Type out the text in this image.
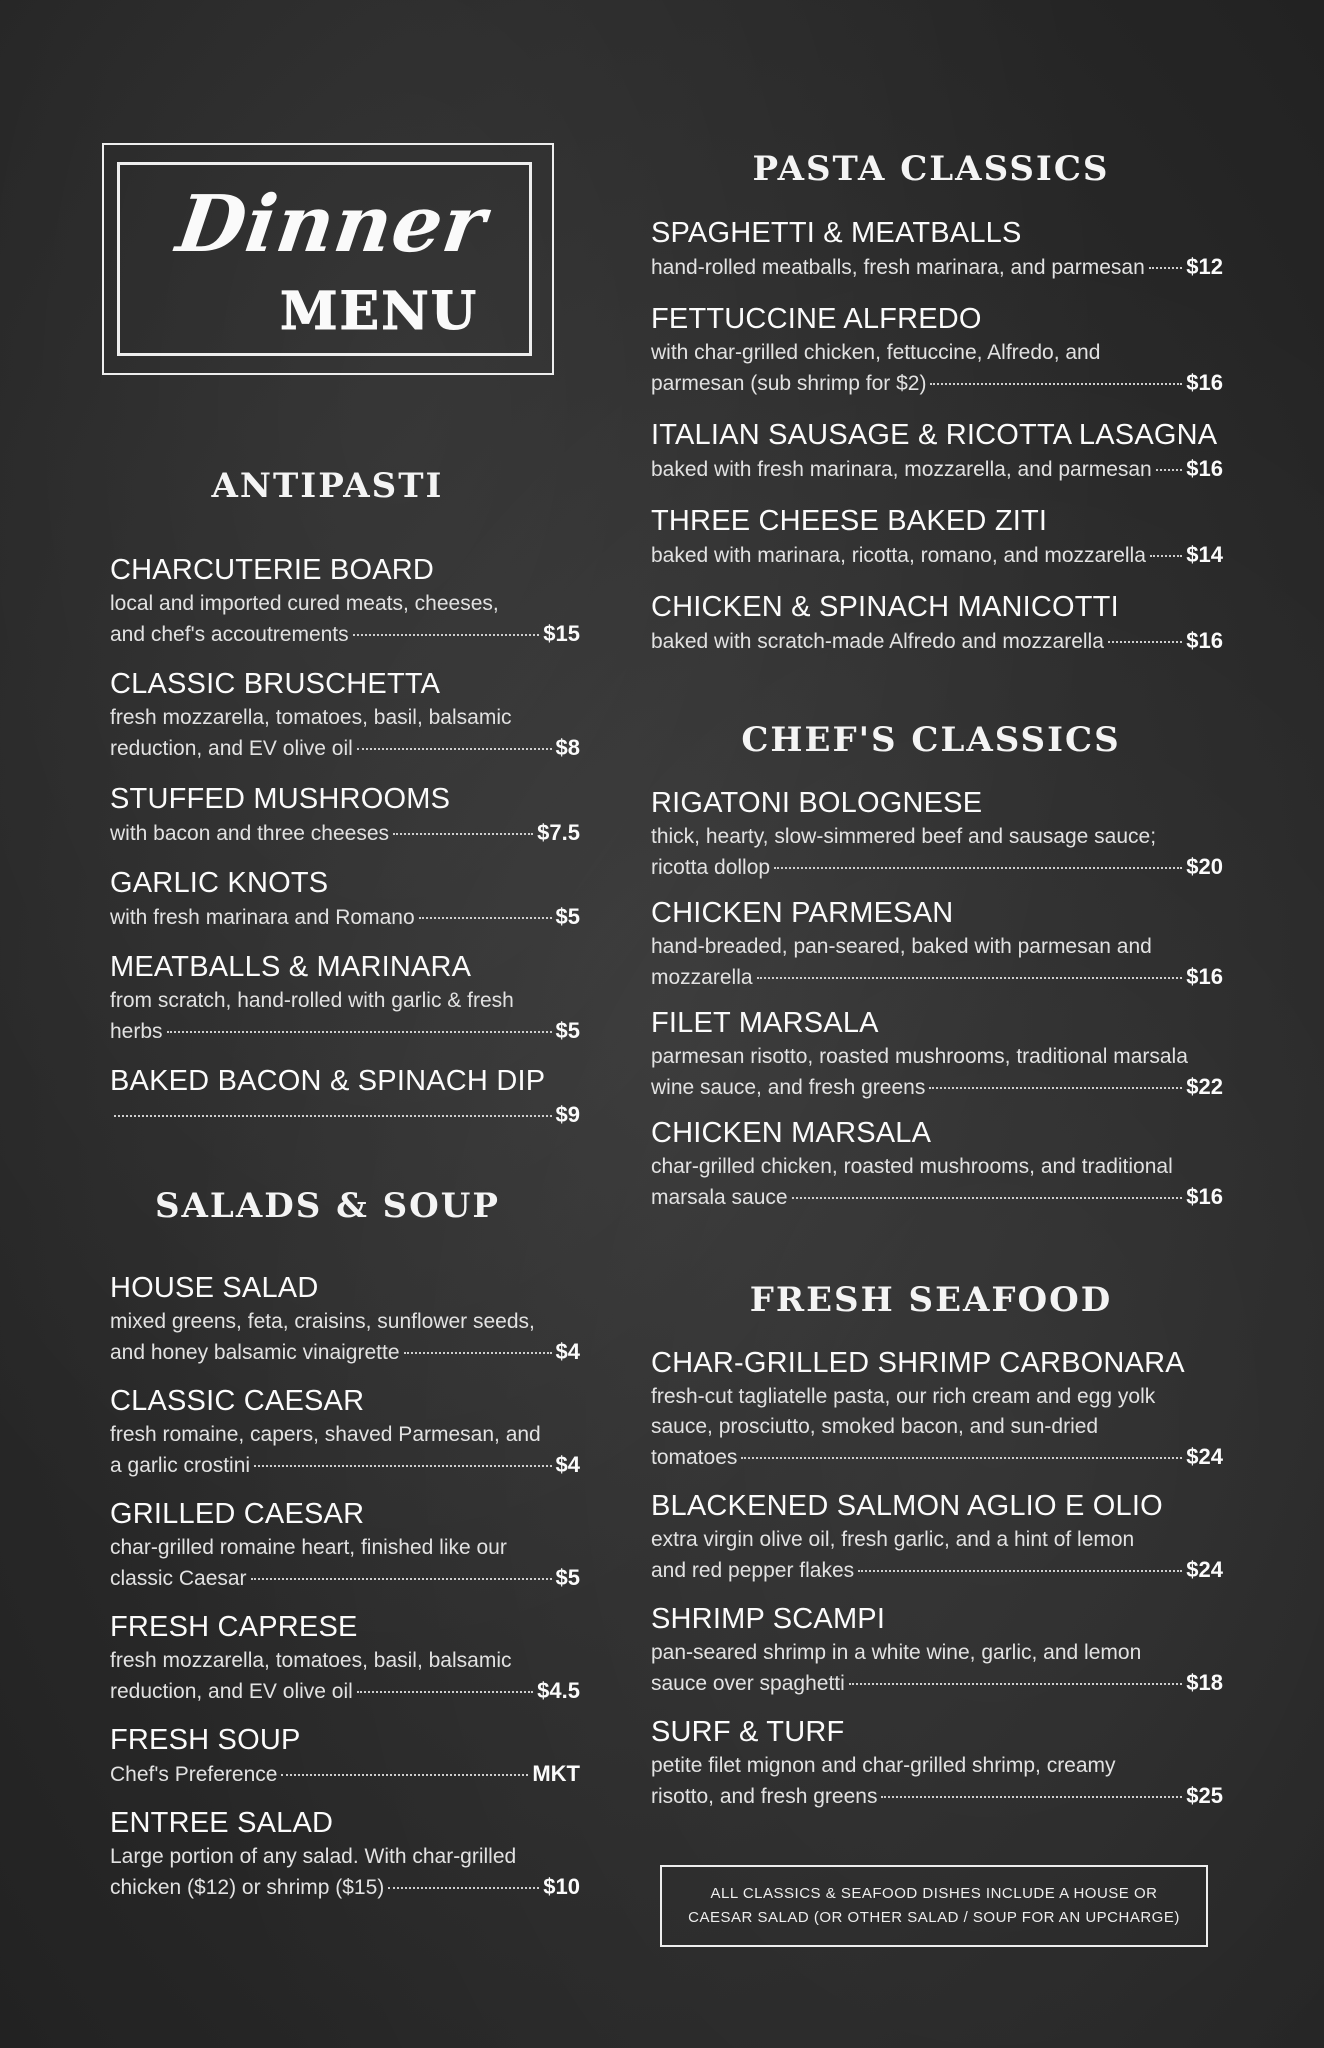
Dinner
MENU
ANTIPASTI
SALADS & SOUP
PASTA CLASSICS
CHEF'S CLASSICS
FRESH SEAFOOD
CHARCUTERIE BOARD
local and imported cured meats, cheeses,
and chef's accoutrements	$15
CLASSIC BRUSCHETTA
fresh mozzarella, tomatoes, basil, balsamic
reduction, and EV olive oil	$8
STUFFED MUSHROOMS
with bacon and three cheeses	$7.5
GARLIC KNOTS
with fresh marinara and Romano	$5
MEATBALLS & MARINARA
from scratch, hand-rolled with garlic & fresh
herbs	$5
BAKED BACON & SPINACH DIP
$9
HOUSE SALAD
mixed greens, feta, craisins, sunflower seeds,
and honey balsamic vinaigrette	$4
CLASSIC CAESAR
fresh romaine, capers, shaved Parmesan, and
a garlic crostini	$4
GRILLED CAESAR
char-grilled romaine heart, finished like our
classic Caesar	$5
FRESH CAPRESE
fresh mozzarella, tomatoes, basil, balsamic
reduction, and EV olive oil	$4.5
FRESH SOUP
Chef's Preference	MKT
ENTREE SALAD
Large portion of any salad. With char-grilled
chicken ($12) or shrimp ($15)	$10
SPAGHETTI & MEATBALLS
hand-rolled meatballs, fresh marinara, and parmesan $12
FETTUCCINE ALFREDO
with char-grilled chicken, fettuccine, Alfredo, and
parmesan (sub shrimp for $2)	$16
ITALIAN SAUSAGE & RICOTTA LASAGNA
baked with fresh marinara, mozzarella, and parmesan $16
THREE CHEESE BAKED ZITI
baked with marinara, ricotta, romano, and mozzarella $14
CHICKEN & SPINACH MANICOTTI
baked with scratch-made Alfredo and mozzarella	$16
RIGATONI BOLOGNESE
thick, hearty, slow-simmered beef and sausage sauce;
ricotta dollop	$20
CHICKEN PARMESAN
hand-breaded, pan-seared, baked with parmesan and
mozzarella	$16
FILET MARSALA
parmesan risotto, roasted mushrooms, traditional marsala
wine sauce, and fresh greens	$22
CHICKEN MARSALA
char-grilled chicken, roasted mushrooms, and traditional
marsala sauce	$16
CHAR-GRILLED SHRIMP CARBONARA
fresh-cut tagliatelle pasta, our rich cream and egg yolk
sauce, prosciutto, smoked bacon, and sun-dried
tomatoes	$24
BLACKENED SALMON AGLIO E OLIO
extra virgin olive oil, fresh garlic, and a hint of lemon
and red pepper flakes	$24
SHRIMP SCAMPI
pan-seared shrimp in a white wine, garlic, and lemon
sauce over spaghetti	$18
SURF & TURF
petite filet mignon and char-grilled shrimp, creamy
risotto, and fresh greens	$25
ALL CLASSICS & SEAFOOD DISHES INCLUDE A HOUSE OR CAESAR SALAD (OR OTHER SALAD / SOUP FOR AN UPCHARGE)
